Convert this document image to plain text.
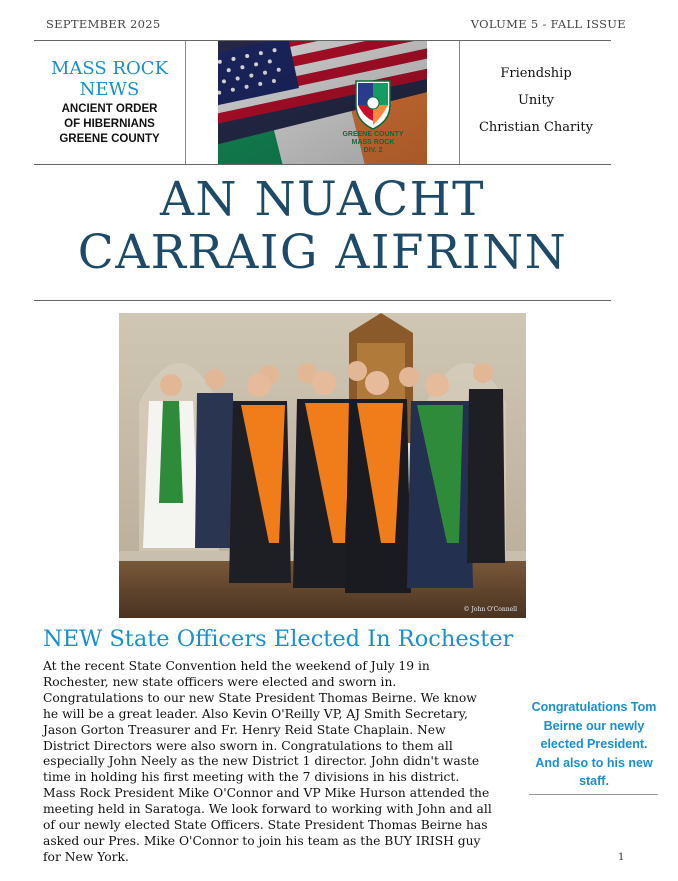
SEPTEMBER 2025	VOLUME 5 - FALL ISSUE
MASS ROCK
NEWS
ANCIENT ORDER
OF HIBERNIANS
GREENE COUNTY	GREENE COUNTY
MASS ROCK
DIV. 2
Friendship
Unity
Christian Charity
AN NUACHT
CARRAIG AIFRINN
© John O'Connell
NEW State Officers Elected In Rochester

At the recent State Convention held the weekend of July 19 in Rochester, new state officers were elected and sworn in. Congratulations to our new State President Thomas Beirne. We know he will be a great leader. Also Kevin O'Reilly VP, AJ Smith Secretary, Jason Gorton Treasurer and Fr. Henry Reid State Chaplain. New District Directors were also sworn in. Congratulations to them all especially John Neely as the new District 1 director. John didn't waste time in holding his first meeting with the 7 divisions in his district. Mass Rock President Mike O'Connor and VP Mike Hurson attended the meeting held in Saratoga. We look forward to working with John and all of our newly elected State Officers. State President Thomas Beirne has asked our Pres. Mike O'Connor to join his team as the BUY IRISH guy for New York.

Congratulations Tom Beirne our newly elected President. And also to his new staff.
1
